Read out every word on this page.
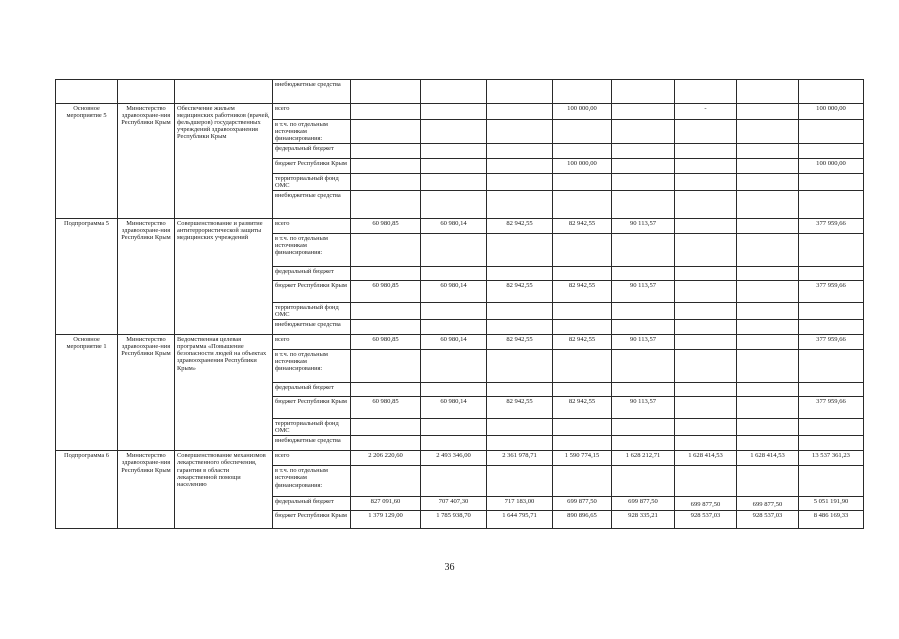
			внебюджетные средства								
Основное мероприятие 5	Министерство здравоохране-ния Республики Крым	Обеспечение жильем медицинских работников (врачей, фельдшеров) государственных учреждений здравоохранения Республики Крым	всего				100 000,00		-		100 000,00
			в т.ч. по отдельным источникам финансирования:								
			федеральный бюджет								
			бюджет Республики Крым				100 000,00				100 000,00
			территориальный фонд ОМС								
			внебюджетные средства								
Подпрограмма 5	Министерство здравоохране-ния Республики Крым	Совершенствование и развитие антитеррористической защиты медицинских учреждений	всего	60 980,85	60 980,14	82 942,55	82 942,55	90 113,57			377 959,66
			в т.ч. по отдельным источникам финансирования:								
			федеральный бюджет								
			бюджет Республики Крым	60 980,85	60 980,14	82 942,55	82 942,55	90 113,57			377 959,66
			территориальный фонд ОМС								
			внебюджетные средства								
Основное мероприятие 1	Министерство здравоохране-ния Республики Крым	Ведомственная целевая программа «Повышение безопасности людей на объектах здравоохранения Республики Крым»	всего	60 980,85	60 980,14	82 942,55	82 942,55	90 113,57			377 959,66
			в т.ч. по отдельным источникам финансирования:								
			федеральный бюджет								
			бюджет Республики Крым	60 980,85	60 980,14	82 942,55	82 942,55	90 113,57			377 959,66
			территориальный фонд ОМС								
			внебюджетные средства								
Подпрограмма 6	Министерство здравоохране-ния Республики Крым	Совершенствование механизмов лекарственного обеспечения, гарантии в области лекарственной помощи населению	всего	2 206 220,60	2 493 346,00	2 361 978,71	1 590 774,15	1 628 212,71	1 628 414,53	1 628 414,53	13 537 361,23
			в т.ч. по отдельным источникам финансирования:								
			федеральный бюджет	827 091,60	707 407,30	717 183,00	699 877,50	699 877,50	699 877,50	699 877,50	5 051 191,90
			бюджет Республики Крым	1 379 129,00	1 785 938,70	1 644 795,71	890 896,65	928 335,21	928 537,03	928 537,03	8 486 169,33
36
